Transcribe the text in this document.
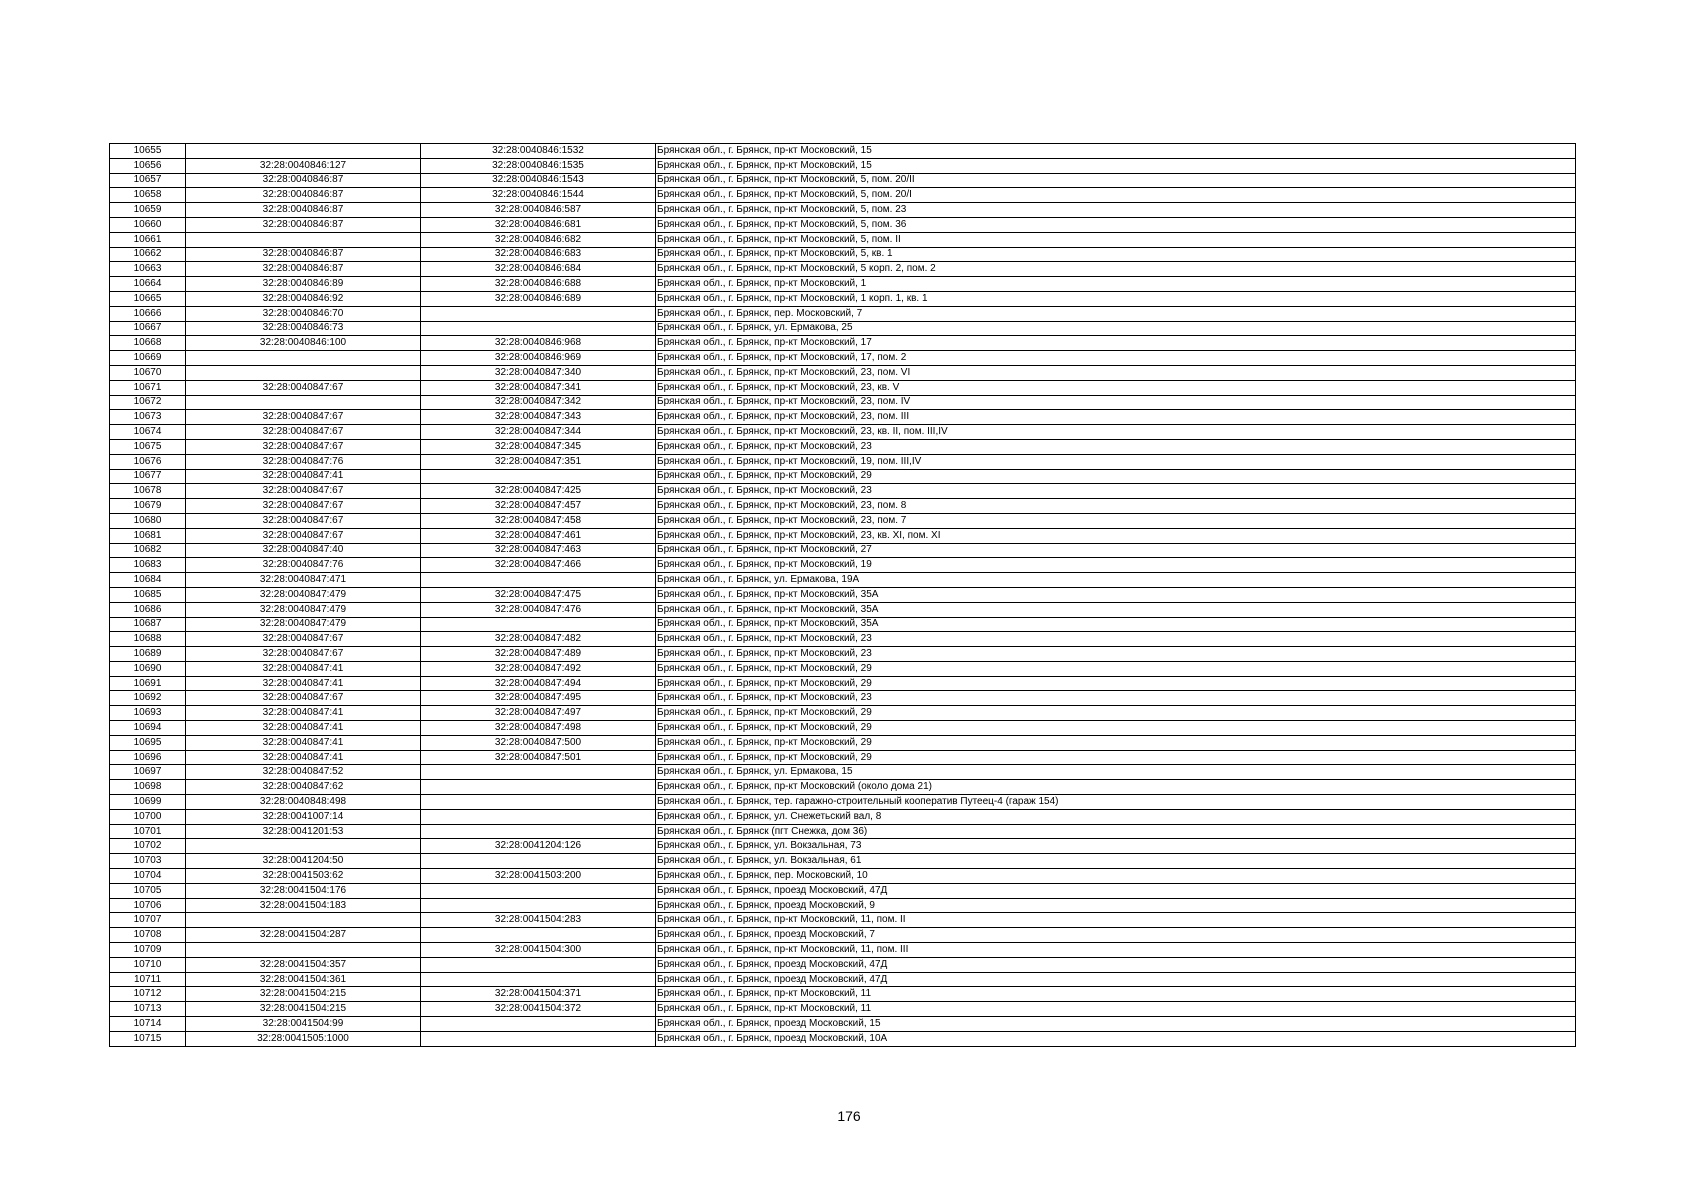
10655		32:28:0040846:1532	Брянская обл., г. Брянск, пр-кт Московский, 15
10656	32:28:0040846:127	32:28:0040846:1535	Брянская обл., г. Брянск, пр-кт Московский, 15
10657	32:28:0040846:87	32:28:0040846:1543	Брянская обл., г. Брянск, пр-кт Московский, 5, пом. 20/II
10658	32:28:0040846:87	32:28:0040846:1544	Брянская обл., г. Брянск, пр-кт Московский, 5, пом. 20/I
10659	32:28:0040846:87	32:28:0040846:587	Брянская обл., г. Брянск, пр-кт Московский, 5, пом. 23
10660	32:28:0040846:87	32:28:0040846:681	Брянская обл., г. Брянск, пр-кт Московский, 5, пом. 36
10661		32:28:0040846:682	Брянская обл., г. Брянск, пр-кт Московский, 5, пом. II
10662	32:28:0040846:87	32:28:0040846:683	Брянская обл., г. Брянск, пр-кт Московский, 5, кв. 1
10663	32:28:0040846:87	32:28:0040846:684	Брянская обл., г. Брянск, пр-кт Московский, 5 корп. 2, пом. 2
10664	32:28:0040846:89	32:28:0040846:688	Брянская обл., г. Брянск, пр-кт Московский, 1
10665	32:28:0040846:92	32:28:0040846:689	Брянская обл., г. Брянск, пр-кт Московский, 1 корп. 1, кв. 1
10666	32:28:0040846:70		Брянская обл., г. Брянск, пер. Московский, 7
10667	32:28:0040846:73		Брянская обл., г. Брянск, ул. Ермакова, 25
10668	32:28:0040846:100	32:28:0040846:968	Брянская обл., г. Брянск, пр-кт Московский, 17
10669		32:28:0040846:969	Брянская обл., г. Брянск, пр-кт Московский, 17, пом. 2
10670		32:28:0040847:340	Брянская обл., г. Брянск, пр-кт Московский, 23, пом. VI
10671	32:28:0040847:67	32:28:0040847:341	Брянская обл., г. Брянск, пр-кт Московский, 23, кв. V
10672		32:28:0040847:342	Брянская обл., г. Брянск, пр-кт Московский, 23, пом. IV
10673	32:28:0040847:67	32:28:0040847:343	Брянская обл., г. Брянск, пр-кт Московский, 23, пом. III
10674	32:28:0040847:67	32:28:0040847:344	Брянская обл., г. Брянск, пр-кт Московский, 23, кв. II, пом. III,IV
10675	32:28:0040847:67	32:28:0040847:345	Брянская обл., г. Брянск, пр-кт Московский, 23
10676	32:28:0040847:76	32:28:0040847:351	Брянская обл., г. Брянск, пр-кт Московский, 19, пом. III,IV
10677	32:28:0040847:41		Брянская обл., г. Брянск, пр-кт Московский, 29
10678	32:28:0040847:67	32:28:0040847:425	Брянская обл., г. Брянск, пр-кт Московский, 23
10679	32:28:0040847:67	32:28:0040847:457	Брянская обл., г. Брянск, пр-кт Московский, 23, пом. 8
10680	32:28:0040847:67	32:28:0040847:458	Брянская обл., г. Брянск, пр-кт Московский, 23, пом. 7
10681	32:28:0040847:67	32:28:0040847:461	Брянская обл., г. Брянск, пр-кт Московский, 23, кв. XI, пом. XI
10682	32:28:0040847:40	32:28:0040847:463	Брянская обл., г. Брянск, пр-кт Московский, 27
10683	32:28:0040847:76	32:28:0040847:466	Брянская обл., г. Брянск, пр-кт Московский, 19
10684	32:28:0040847:471		Брянская обл., г. Брянск, ул. Ермакова, 19А
10685	32:28:0040847:479	32:28:0040847:475	Брянская обл., г. Брянск, пр-кт Московский, 35А
10686	32:28:0040847:479	32:28:0040847:476	Брянская обл., г. Брянск, пр-кт Московский, 35А
10687	32:28:0040847:479		Брянская обл., г. Брянск, пр-кт Московский, 35А
10688	32:28:0040847:67	32:28:0040847:482	Брянская обл., г. Брянск, пр-кт Московский, 23
10689	32:28:0040847:67	32:28:0040847:489	Брянская обл., г. Брянск, пр-кт Московский, 23
10690	32:28:0040847:41	32:28:0040847:492	Брянская обл., г. Брянск, пр-кт Московский, 29
10691	32:28:0040847:41	32:28:0040847:494	Брянская обл., г. Брянск, пр-кт Московский, 29
10692	32:28:0040847:67	32:28:0040847:495	Брянская обл., г. Брянск, пр-кт Московский, 23
10693	32:28:0040847:41	32:28:0040847:497	Брянская обл., г. Брянск, пр-кт Московский, 29
10694	32:28:0040847:41	32:28:0040847:498	Брянская обл., г. Брянск, пр-кт Московский, 29
10695	32:28:0040847:41	32:28:0040847:500	Брянская обл., г. Брянск, пр-кт Московский, 29
10696	32:28:0040847:41	32:28:0040847:501	Брянская обл., г. Брянск, пр-кт Московский, 29
10697	32:28:0040847:52		Брянская обл., г. Брянск, ул. Ермакова, 15
10698	32:28:0040847:62		Брянская обл., г. Брянск, пр-кт Московский (около дома 21)
10699	32:28:0040848:498		Брянская обл., г. Брянск, тер. гаражно-строительный кооператив Путеец-4 (гараж 154)
10700	32:28:0041007:14		Брянская обл., г. Брянск, ул. Снежетьский вал, 8
10701	32:28:0041201:53		Брянская обл., г. Брянск (пгт Снежка, дом 36)
10702		32:28:0041204:126	Брянская обл., г. Брянск, ул. Вокзальная, 73
10703	32:28:0041204:50		Брянская обл., г. Брянск, ул. Вокзальная, 61
10704	32:28:0041503:62	32:28:0041503:200	Брянская обл., г. Брянск, пер. Московский, 10
10705	32:28:0041504:176		Брянская обл., г. Брянск, проезд Московский, 47Д
10706	32:28:0041504:183		Брянская обл., г. Брянск, проезд Московский, 9
10707		32:28:0041504:283	Брянская обл., г. Брянск, пр-кт Московский, 11, пом. II
10708	32:28:0041504:287		Брянская обл., г. Брянск, проезд Московский, 7
10709		32:28:0041504:300	Брянская обл., г. Брянск, пр-кт Московский, 11, пом. III
10710	32:28:0041504:357		Брянская обл., г. Брянск, проезд Московский, 47Д
10711	32:28:0041504:361		Брянская обл., г. Брянск, проезд Московский, 47Д
10712	32:28:0041504:215	32:28:0041504:371	Брянская обл., г. Брянск, пр-кт Московский, 11
10713	32:28:0041504:215	32:28:0041504:372	Брянская обл., г. Брянск, пр-кт Московский, 11
10714	32:28:0041504:99		Брянская обл., г. Брянск, проезд Московский, 15
10715	32:28:0041505:1000		Брянская обл., г. Брянск, проезд Московский, 10А
176
